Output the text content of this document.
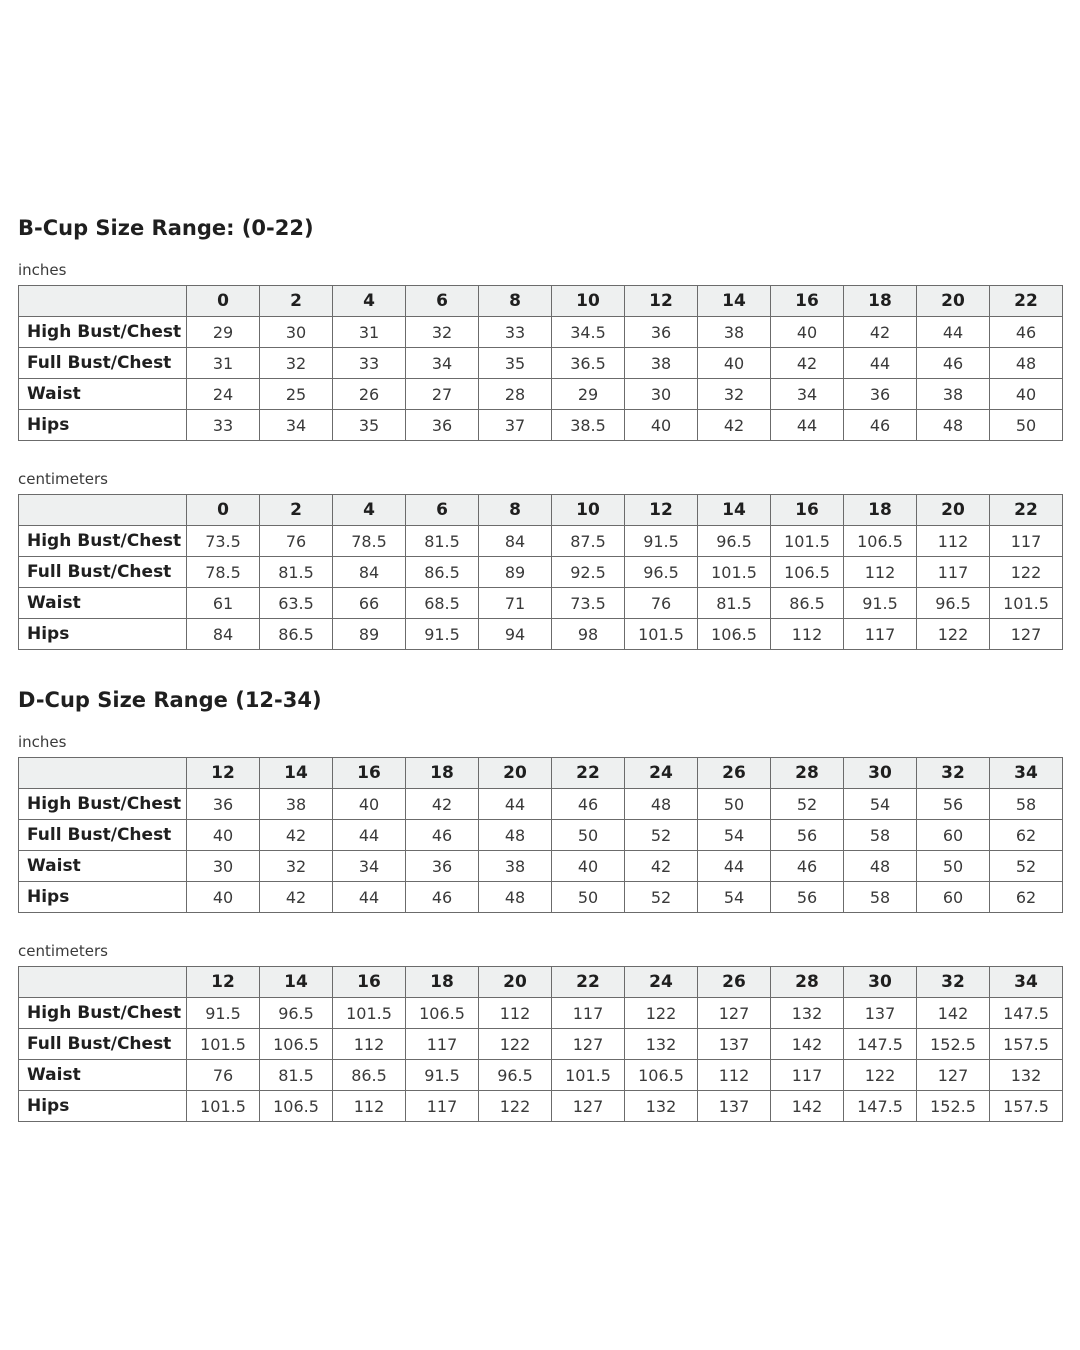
B-Cup Size Range: (0-22)
inches
	0	2	4	6	8	10	12	14	16	18	20	22
High Bust/Chest	29	30	31	32	33	34.5	36	38	40	42	44	46
Full Bust/Chest	31	32	33	34	35	36.5	38	40	42	44	46	48
Waist	24	25	26	27	28	29	30	32	34	36	38	40
Hips	33	34	35	36	37	38.5	40	42	44	46	48	50
centimeters
	0	2	4	6	8	10	12	14	16	18	20	22
High Bust/Chest	73.5	76	78.5	81.5	84	87.5	91.5	96.5	101.5	106.5	112	117
Full Bust/Chest	78.5	81.5	84	86.5	89	92.5	96.5	101.5	106.5	112	117	122
Waist	61	63.5	66	68.5	71	73.5	76	81.5	86.5	91.5	96.5	101.5
Hips	84	86.5	89	91.5	94	98	101.5	106.5	112	117	122	127
D-Cup Size Range (12-34)
inches
	12	14	16	18	20	22	24	26	28	30	32	34
High Bust/Chest	36	38	40	42	44	46	48	50	52	54	56	58
Full Bust/Chest	40	42	44	46	48	50	52	54	56	58	60	62
Waist	30	32	34	36	38	40	42	44	46	48	50	52
Hips	40	42	44	46	48	50	52	54	56	58	60	62
centimeters
	12	14	16	18	20	22	24	26	28	30	32	34
High Bust/Chest	91.5	96.5	101.5	106.5	112	117	122	127	132	137	142	147.5
Full Bust/Chest	101.5	106.5	112	117	122	127	132	137	142	147.5	152.5	157.5
Waist	76	81.5	86.5	91.5	96.5	101.5	106.5	112	117	122	127	132
Hips	101.5	106.5	112	117	122	127	132	137	142	147.5	152.5	157.5
